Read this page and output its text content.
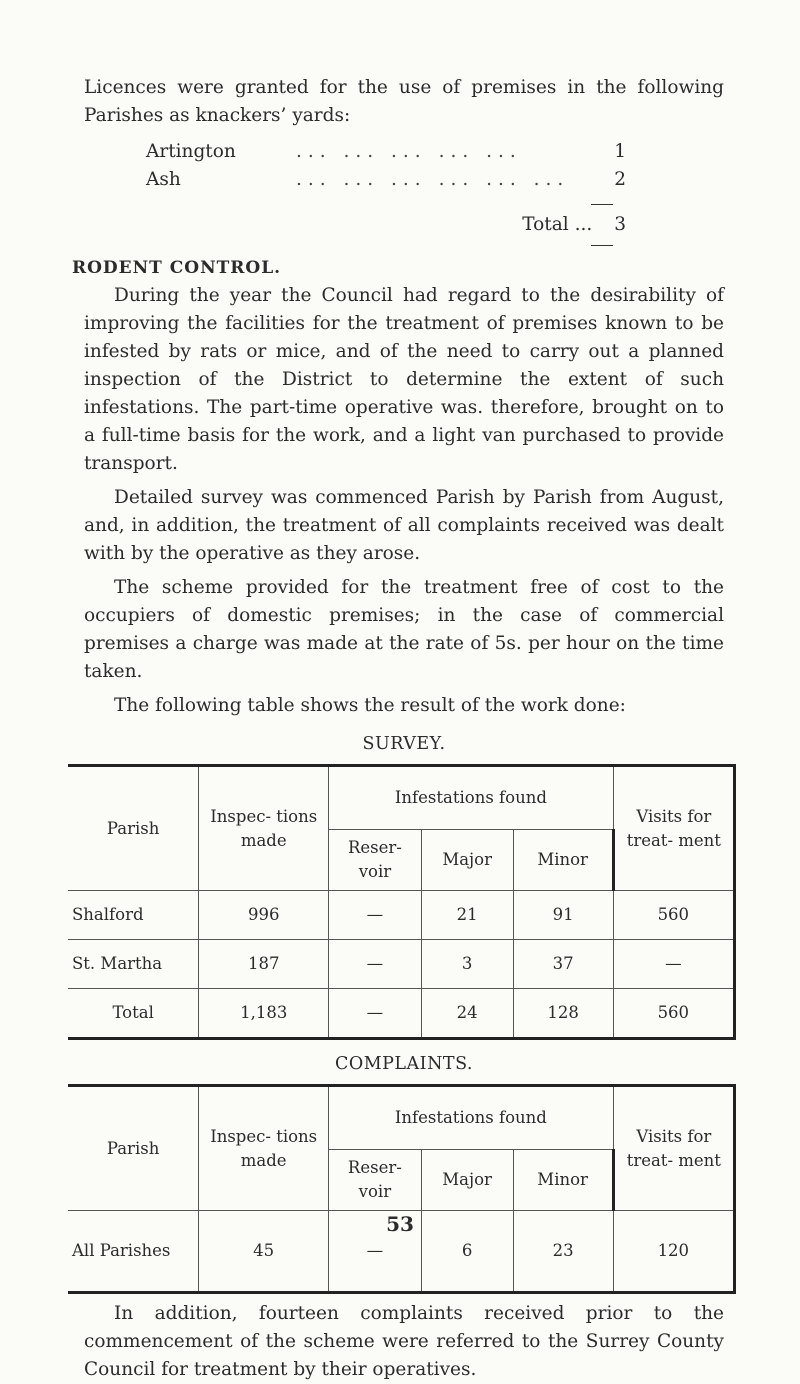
Licences were granted for the use of premises in the following Parishes as knackers’ yards:

Artington	... ... ... ... ...	1
Ash	... ... ... ... ... ...	2
Total ... 3
RODENT CONTROL.

During the year the Council had regard to the desirability of improving the facilities for the treatment of premises known to be infested by rats or mice, and of the need to carry out a planned inspection of the District to determine the extent of such infestations. The part-time operative was. therefore, brought on to a full-time basis for the work, and a light van purchased to provide transport.

Detailed survey was commenced Parish by Parish from August, and, in addition, the treatment of all complaints received was dealt with by the operative as they arose.

The scheme provided for the treatment free of cost to the occupiers of domestic premises; in the case of commercial premises a charge was made at the rate of 5s. per hour on the time taken.

The following table shows the result of the work done:

SURVEY.
Parish	Inspec- tions made	Infestations found			Visits for treat- ment
		Reser- voir	Major	Minor	
Shalford	996	—	21	91	560
St. Martha	187	—	3	37	—
Total	1,183	—	24	128	560
COMPLAINTS.
Parish	Inspec- tions made	Infestations found			Visits for treat- ment
		Reser- voir	Major	Minor	
All Parishes	45	—	6	23	120

In addition, fourteen complaints received prior to the commencement of the scheme were referred to the Surrey County Council for treatment by their operatives.

53
